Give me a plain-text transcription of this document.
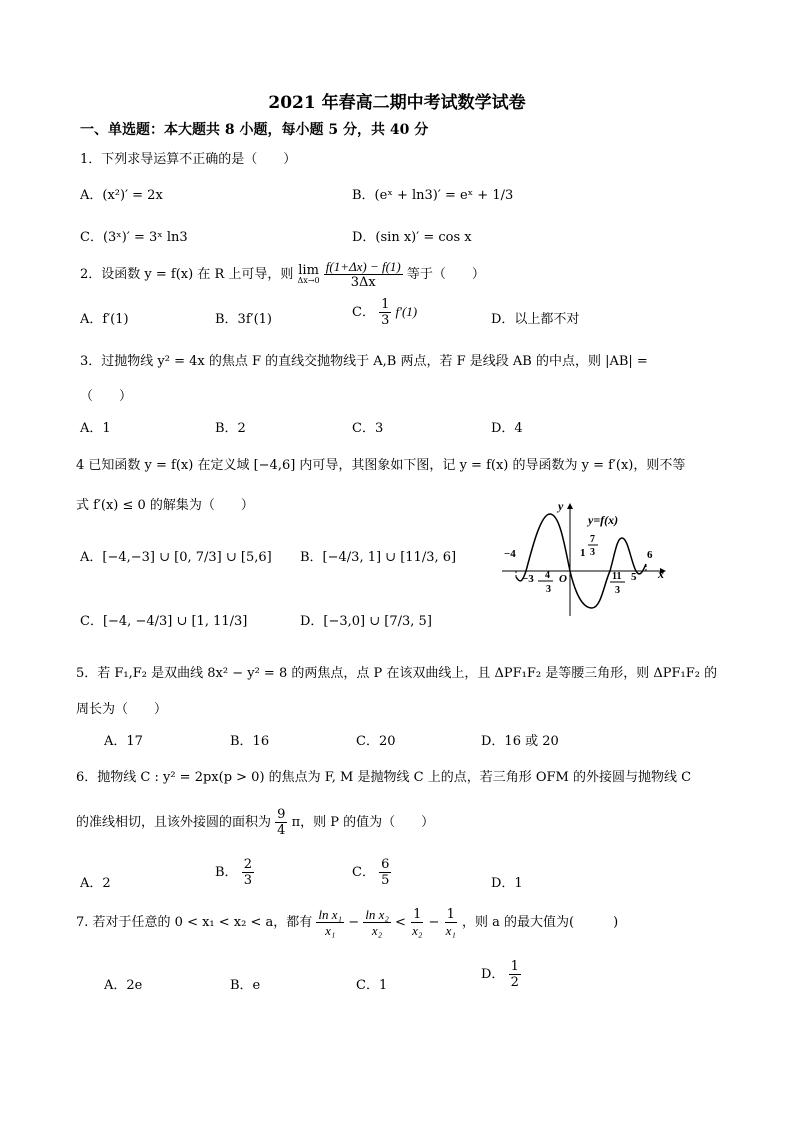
2021 年春高二期中考试数学试卷
一、单选题：本大题共 8 小题，每小题 5 分，共 40 分
1．下列求导运算不正确的是（　　）
A．(x²)′ = 2x	B．(eˣ + ln3)′ = eˣ + 1/3
C．(3ˣ)′ = 3ˣ ln3	D．(sin x)′ = cos x
2．设函数 y = f(x) 在 R 上可导，则 lim
Δx→0
$\frac{f(1+\Delta x) - f(1)}{3\Delta x}$ 等于（　　）
A．f′(1)	B．3f′(1)	C． $\frac{1}{3} f'(1)$
D．以上都不对
3．过抛物线 y² = 4x 的焦点 F 的直线交抛物线于 A,B 两点，若 F 是线段 AB 的中点，则 |AB| =
（　　）
A．1	B．2	C．3	D．4
4 已知函数 y = f(x) 在定义域 [−4,6] 内可导，其图象如下图，记 y = f(x) 的导函数为 y = f′(x)，则不等
式 f′(x) ≤ 0 的解集为（　　）
A．[−4,−3] ∪ [0, 7/3] ∪ [5,6] B．[−4/3, 1] ∪ [11/3, 6]
C．[−4, −4/3] ∪ [1, 11/3]	D．[−3,0] ∪ [7/3, 5]
y
y=f(x)
x
O
−4
−3 4
3
1
7
3
11
3
5
6
5．若 F₁,F₂ 是双曲线 8x² − y² = 8 的两焦点，点 P 在该双曲线上，且 ΔPF₁F₂ 是等腰三角形，则 ΔPF₁F₂ 的
周长为（　　）
A．17	B．16	C．20	D．16 或 20
6．抛物线 C : y² = 2px(p > 0) 的焦点为 F, M 是抛物线 C 上的点，若三角形 OFM 的外接圆与抛物线 C
的准线相切，且该外接圆的面积为 $\frac{9}{4}$ π，则 P 的值为（　　）
A．2
B． $\frac{2}{3}$	C． $\frac{6}{5}$	D．1
7. 若对于任意的 0 < x₁ < x₂ < a，都有 $\frac{\text{ln x₁}}{\text{x₁}} - \frac{\text{ln x₂}}{\text{x₂}} < \frac{1}{\text{x₂}} - \frac{1}{\text{x₁}}$ ，则 a 的最大值为(　　　)
A．2e	B．e	C．1
D． $\frac{1}{2}$
